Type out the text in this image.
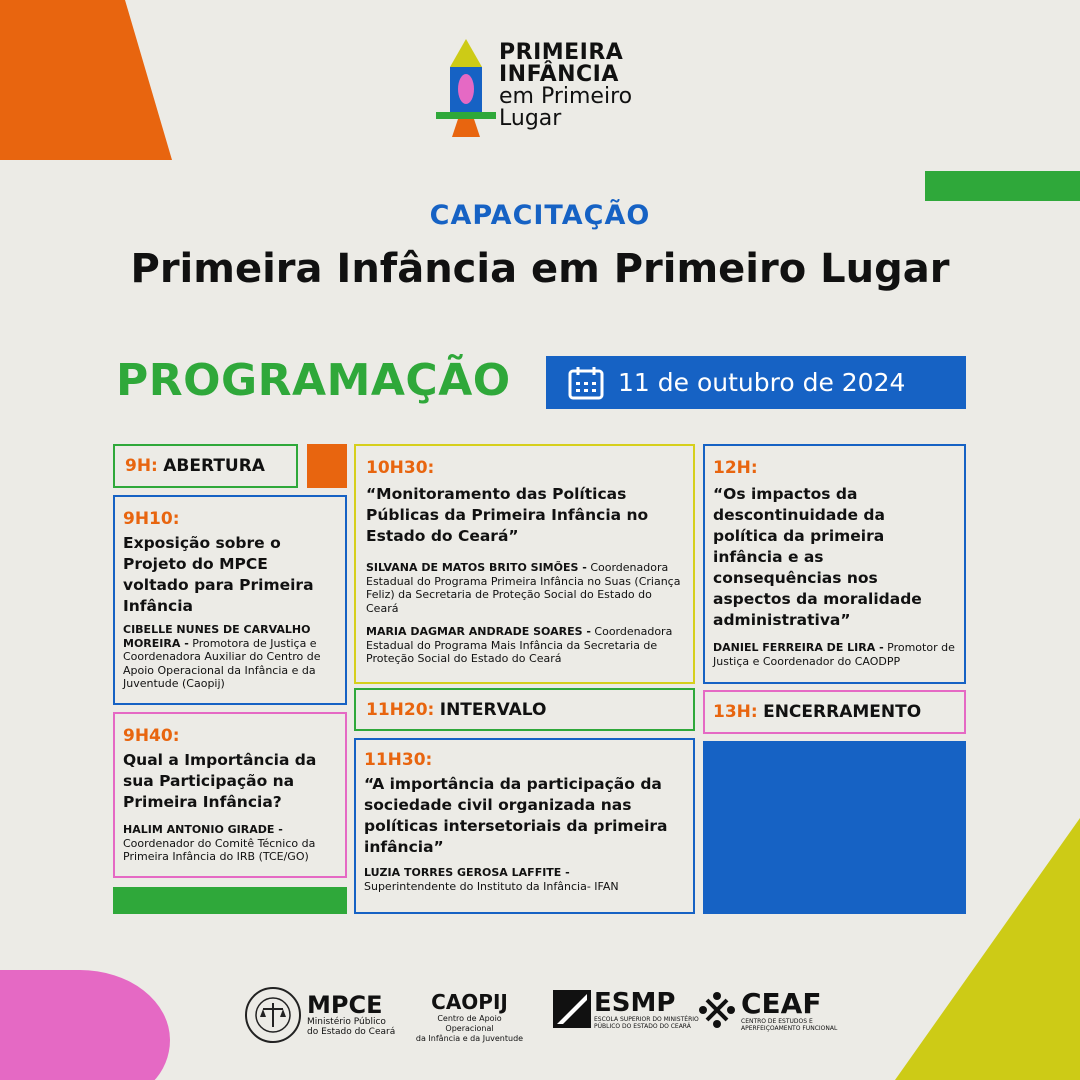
PRIMEIRA
INFÂNCIA
em Primeiro
Lugar
CAPACITAÇÃO
Primeira Infância em Primeiro Lugar
PROGRAMAÇÃO	11 de outubro de 2024
9H: ABERTURA
9H10:
Exposição sobre o Projeto do MPCE voltado para Primeira Infância
CIBELLE NUNES DE CARVALHO MOREIRA - Promotora de Justiça e Coordenadora Auxiliar do Centro de Apoio Operacional da Infância e da Juventude (Caopij)
9H40:
Qual a Importância da sua Participação na Primeira Infância?
HALIM ANTONIO GIRADE - Coordenador do Comitê Técnico da Primeira Infância do IRB (TCE/GO)
10H30:
“Monitoramento das Políticas Públicas da Primeira Infância no Estado do Ceará”
SILVANA DE MATOS BRITO SIMÕES - Coordenadora Estadual do Programa Primeira Infância no Suas (Criança Feliz) da Secretaria de Proteção Social do Estado do Ceará
MARIA DAGMAR ANDRADE SOARES - Coordenadora Estadual do Programa Mais Infância da Secretaria de Proteção Social do Estado do Ceará
11H20: INTERVALO
11H30:
“A importância da participação da sociedade civil organizada nas políticas intersetoriais da primeira infância”
LUZIA TORRES GEROSA LAFFITE -
Superintendente do Instituto da Infância- IFAN
12H:
“Os impactos da descontinuidade da política da primeira infância e as consequências nos aspectos da moralidade administrativa”
DANIEL FERREIRA DE LIRA - Promotor de Justiça e Coordenador do CAODPP
13H: ENCERRAMENTO
MPCE
Ministério Público
do Estado do Ceará
CAOPIJ
Centro de Apoio Operacional
da Infância e da Juventude
ESMP
ESCOLA SUPERIOR DO MINISTÉRIO
PÚBLICO DO ESTADO DO CEARÁ
CEAF
CENTRO DE ESTUDOS E
APERFEIÇOAMENTO FUNCIONAL
